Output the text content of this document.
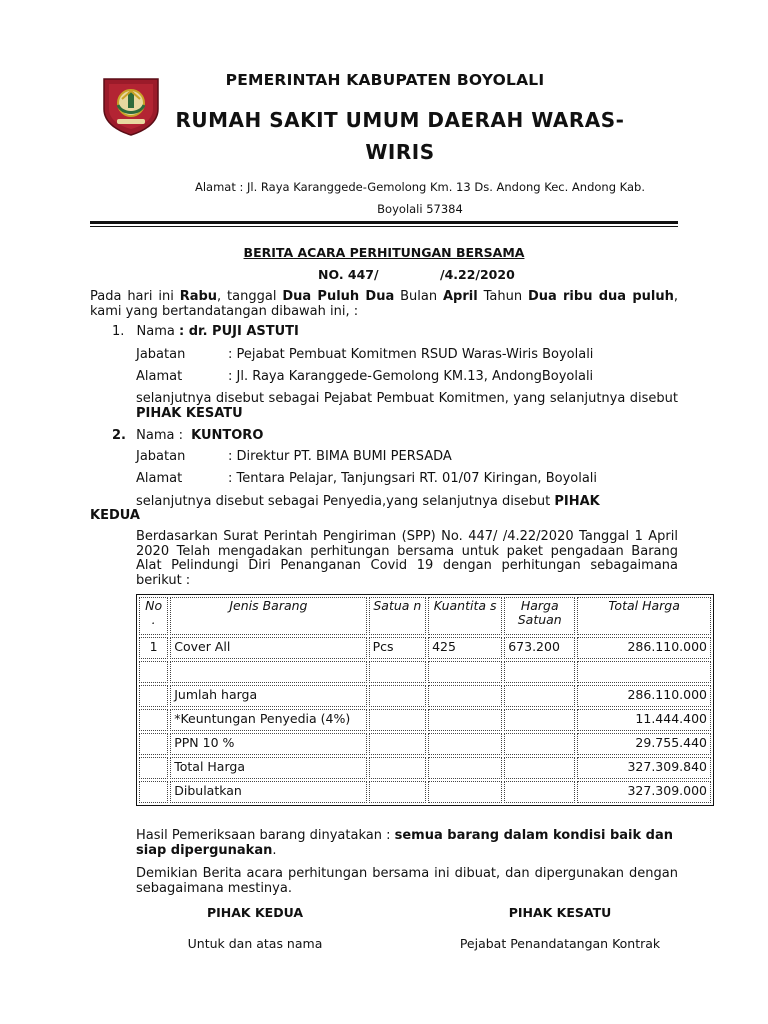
PEMERINTAH KABUPATEN BOYOLALI
RUMAH SAKIT UMUM DAERAH WARAS-
WIRIS
Alamat : Jl. Raya Karanggede-Gemolong Km. 13 Ds. Andong Kec. Andong Kab.
Boyolali 57384
BERITA ACARA PERHITUNGAN BERSAMA
NO. 447/	/4.22/2020
Pada hari ini Rabu, tanggal Dua Puluh Dua Bulan April Tahun Dua ribu dua puluh, kami yang bertandatangan dibawah ini, :
1. Nama : dr. PUJI ASTUTI
Jabatan	: Pejabat Pembuat Komitmen RSUD Waras-Wiris Boyolali
Alamat	: Jl. Raya Karanggede-Gemolong KM.13, AndongBoyolali
selanjutnya disebut sebagai Pejabat Pembuat Komitmen, yang selanjutnya disebut PIHAK KESATU
2. Nama : KUNTORO
Jabatan	: Direktur PT. BIMA BUMI PERSADA
Alamat	: Tentara Pelajar, Tanjungsari RT. 01/07 Kiringan, Boyolali
selanjutnya disebut sebagai Penyedia,yang selanjutnya disebut PIHAK
KEDUA
Berdasarkan Surat Perintah Pengiriman (SPP) No. 447/ /4.22/2020 Tanggal 1 April 2020 Telah mengadakan perhitungan bersama untuk paket pengadaan Barang Alat Pelindungi Diri Penanganan Covid 19 dengan perhitungan sebagaimana berikut :
No .	Jenis Barang	Satua n	Kuantita s	Harga Satuan	Total Harga
1	Cover All	Pcs	425	673.200	286.110.000

	Jumlah harga				286.110.000
	*Keuntungan Penyedia (4%)				11.444.400
	PPN 10 %				29.755.440
	Total Harga				327.309.840
	Dibulatkan				327.309.000
Hasil Pemeriksaan barang dinyatakan : semua barang dalam kondisi baik dan siap dipergunakan.
Demikian Berita acara perhitungan bersama ini dibuat, dan dipergunakan dengan sebagaimana mestinya.
PIHAK KEDUA
Untuk dan atas nama
PIHAK KESATU
Pejabat Penandatangan Kontrak
